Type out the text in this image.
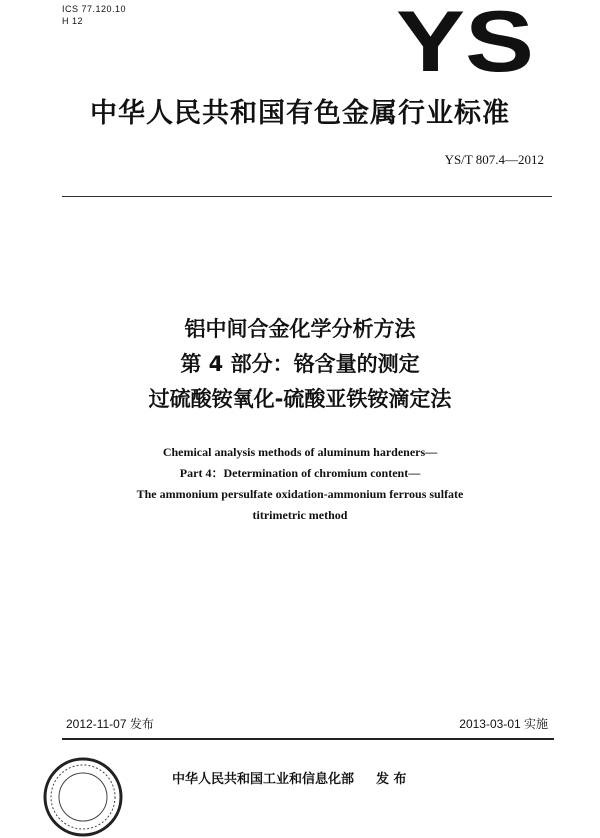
ICS 77.120.10
H 12	YS
中华人民共和国有色金属行业标准
YS/T 807.4—2012
铝中间合金化学分析方法
第 4 部分：铬含量的测定
过硫酸铵氧化-硫酸亚铁铵滴定法
Chemical analysis methods of aluminum hardeners—
Part 4：Determination of chromium content—
The ammonium persulfate oxidation-ammonium ferrous sulfate
titrimetric method
2012-11-07 发布	2013-03-01 实施
中华人民共和国工业和信息化部 发 布
